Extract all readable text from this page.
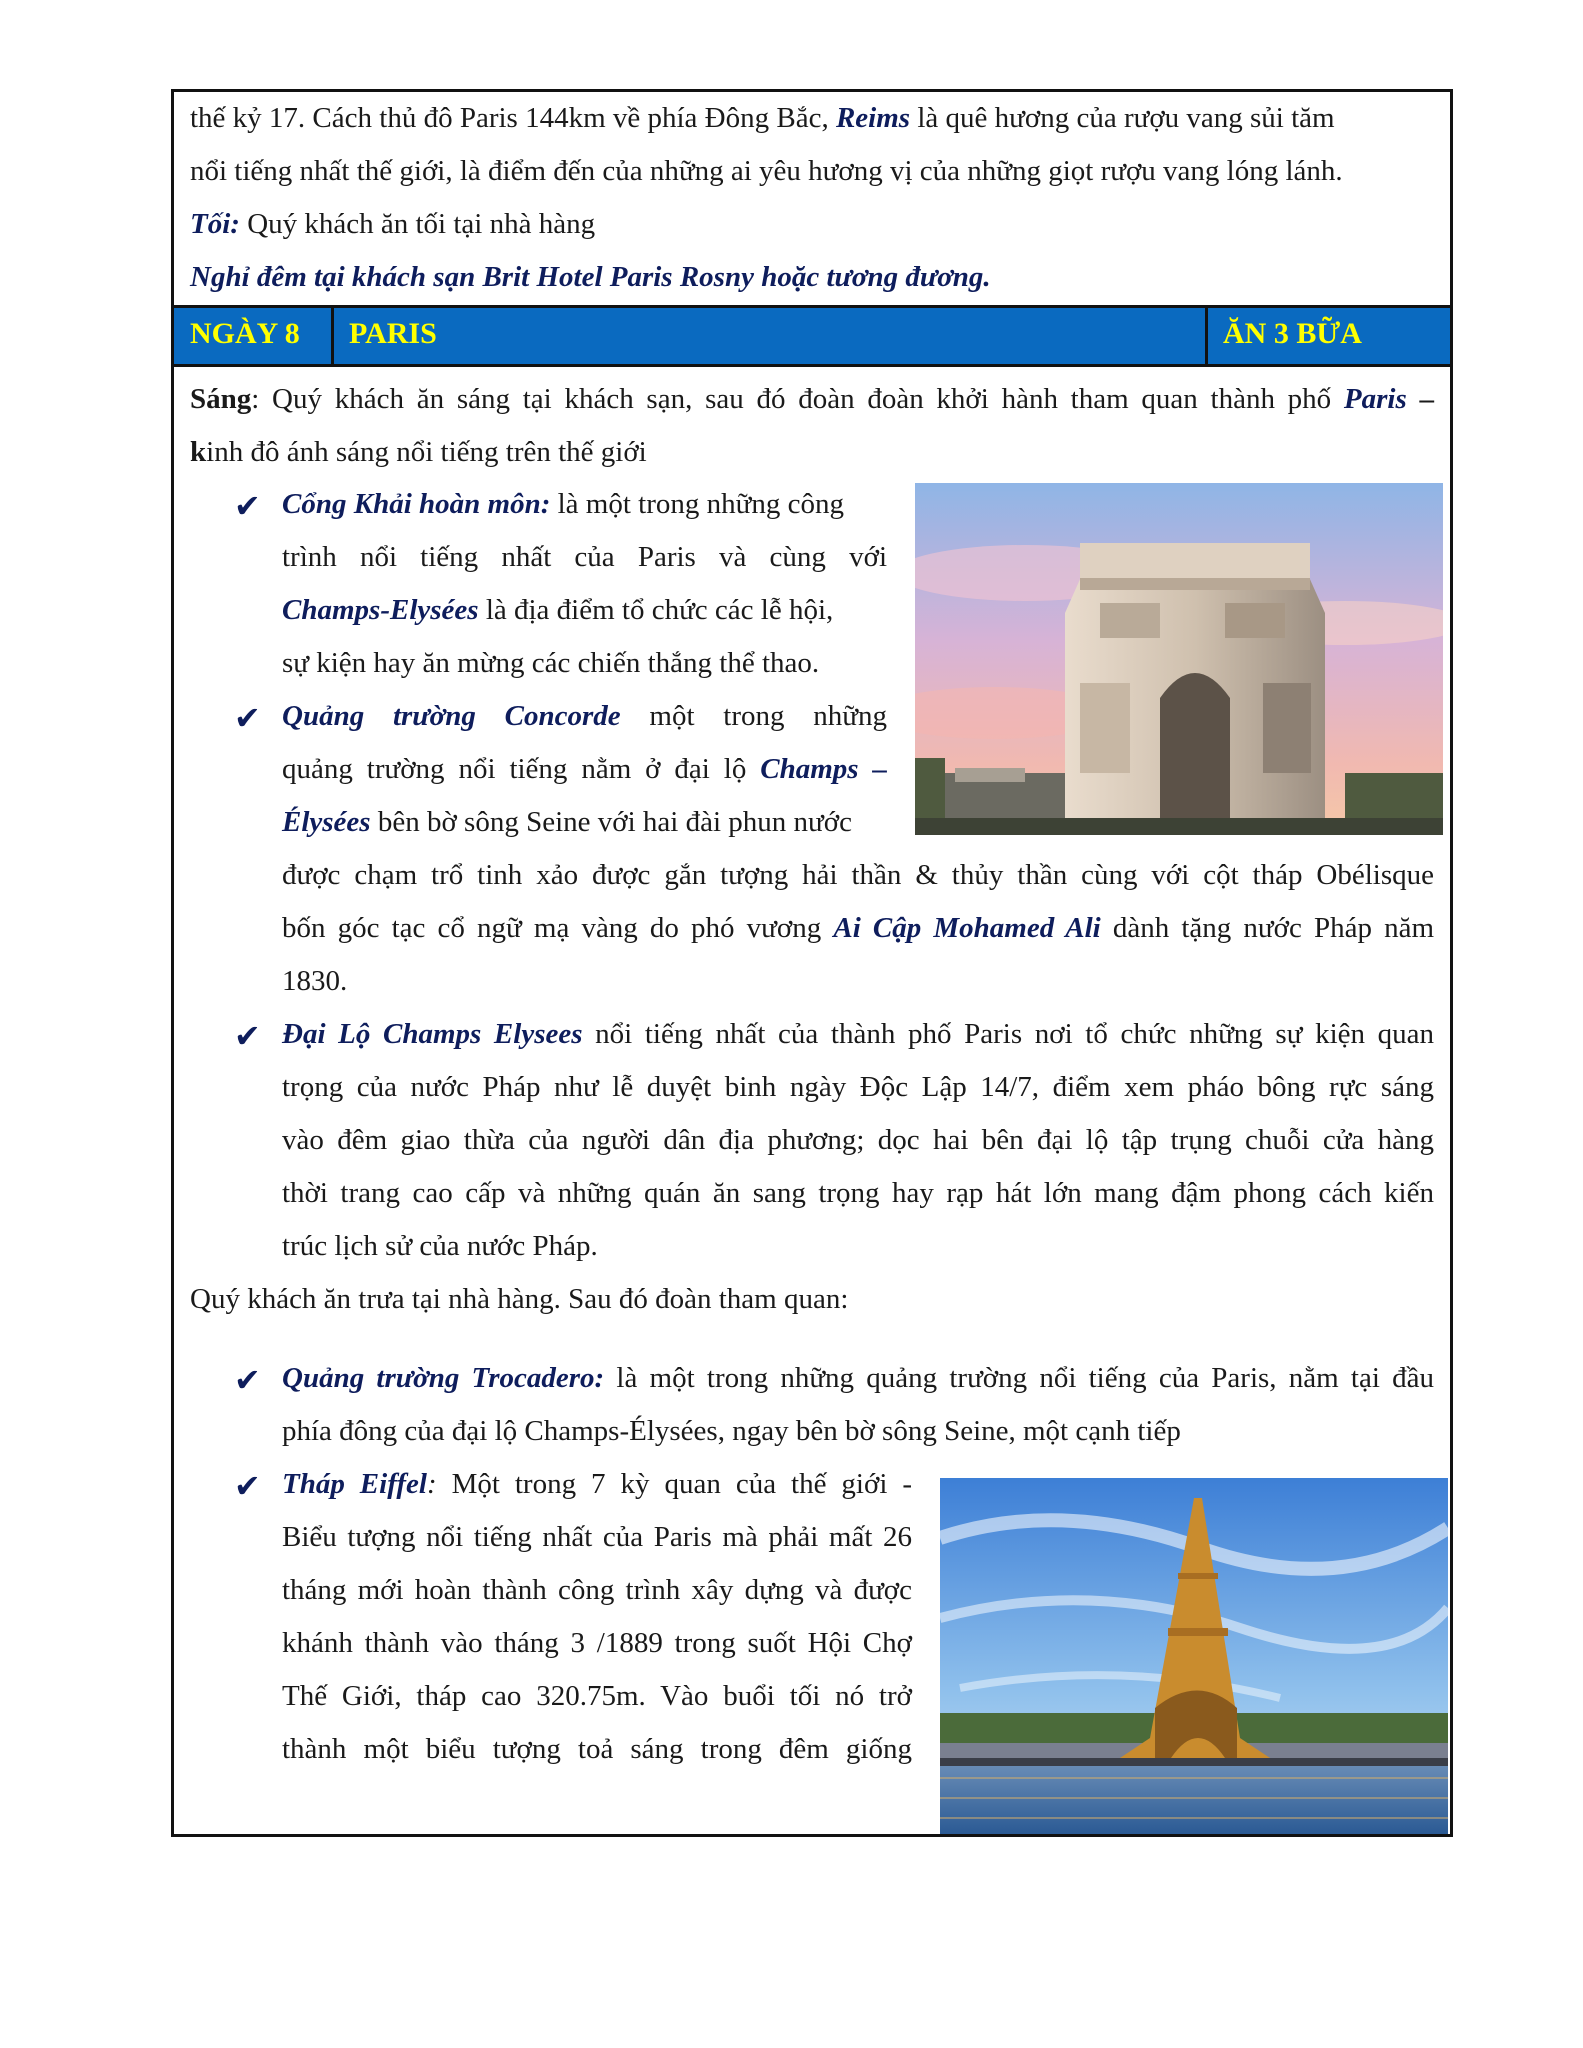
thế kỷ 17. Cách thủ đô Paris 144km về phía Đông Bắc, Reims là quê hương của rượu vang sủi tăm
nổi tiếng nhất thế giới, là điểm đến của những ai yêu hương vị của những giọt rượu vang lóng lánh.
Tối: Quý khách ăn tối tại nhà hàng
Nghỉ đêm tại khách sạn Brit Hotel Paris Rosny hoặc tương đương.
NGÀY 8 PARIS	ĂN 3 BỮA
Sáng: Quý khách ăn sáng tại khách sạn, sau đó đoàn đoàn khởi hành tham quan thành phố Paris –
kinh đô ánh sáng nổi tiếng trên thế giới
✔ Cổng Khải hoàn môn: là một trong những công
trình nổi tiếng nhất của Paris và cùng với
Champs-Elysées là địa điểm tổ chức các lễ hội,
sự kiện hay ăn mừng các chiến thắng thể thao.
✔ Quảng trường Concorde một trong những
quảng trường nổi tiếng nằm ở đại lộ Champs –
Élysées bên bờ sông Seine với hai đài phun nước
được chạm trổ tinh xảo được gắn tượng hải thần & thủy thần cùng với cột tháp Obélisque
bốn góc tạc cổ ngữ mạ vàng do phó vương Ai Cập Mohamed Ali dành tặng nước Pháp năm
1830.
✔ Đại Lộ Champs Elysees nổi tiếng nhất của thành phố Paris nơi tổ chức những sự kiện quan
trọng của nước Pháp như lễ duyệt binh ngày Độc Lập 14/7, điểm xem pháo bông rực sáng
vào đêm giao thừa của người dân địa phương; dọc hai bên đại lộ tập trụng chuỗi cửa hàng
thời trang cao cấp và những quán ăn sang trọng hay rạp hát lớn mang đậm phong cách kiến
trúc lịch sử của nước Pháp.
Quý khách ăn trưa tại nhà hàng. Sau đó đoàn tham quan:
✔ Quảng trường Trocadero: là một trong những quảng trường nổi tiếng của Paris, nằm tại đầu
phía đông của đại lộ Champs-Élysées, ngay bên bờ sông Seine, một cạnh tiếp
✔ Tháp Eiffel: Một trong 7 kỳ quan của thế giới -
Biểu tượng nổi tiếng nhất của Paris mà phải mất 26
tháng mới hoàn thành công trình xây dựng và được
khánh thành vào tháng 3 /1889 trong suốt Hội Chợ
Thế Giới, tháp cao 320.75m. Vào buổi tối nó trở
thành một biểu tượng toả sáng trong đêm giống
